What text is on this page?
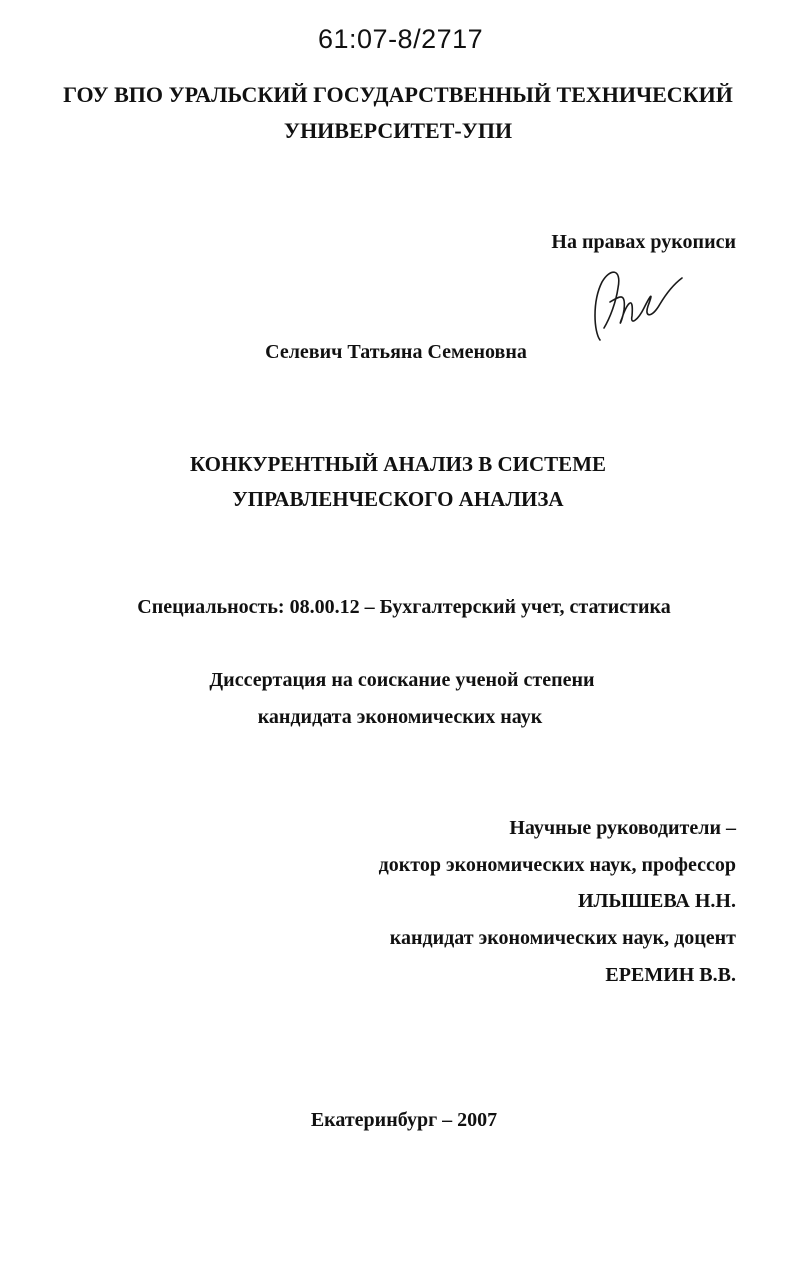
61:07-8/2717
ГОУ ВПО УРАЛЬСКИЙ ГОСУДАРСТВЕННЫЙ ТЕХНИЧЕСКИЙ
УНИВЕРСИТЕТ-УПИ
На правах рукописи
Селевич Татьяна Семеновна
КОНКУРЕНТНЫЙ АНАЛИЗ В СИСТЕМЕ
УПРАВЛЕНЧЕСКОГО АНАЛИЗА
Специальность: 08.00.12 – Бухгалтерский учет, статистика
Диссертация на соискание ученой степени
кандидата экономических наук
Научные руководители –
доктор экономических наук, профессор
ИЛЫШЕВА Н.Н.
кандидат экономических наук, доцент
ЕРЕМИН В.В.
Екатеринбург – 2007
